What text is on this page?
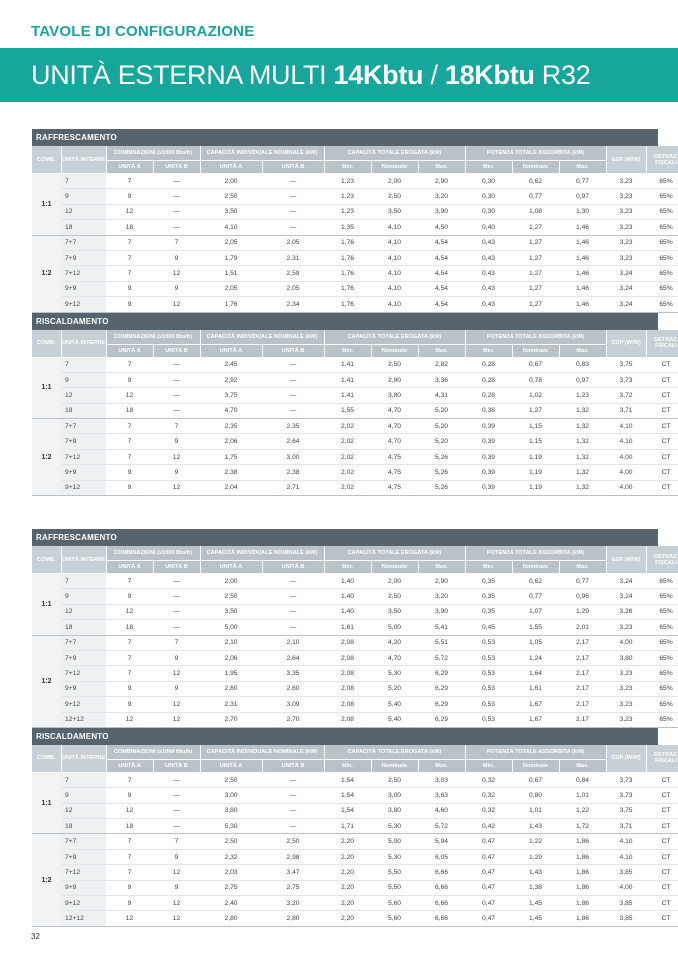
TAVOLE DI CONFIGURAZIONE
UNITÀ ESTERNA MULTI 14Kbtu / 18Kbtu R32
RAFFRESCAMENTO
COMB.	UNITÀ INTERNE	COMBINAZIONI (x1000 Btu/h)		CAPACITÀ INDIVIDUALE NOMINALE (kW)		CAPACITÀ TOTALE EROGATA (kW)			POTENZA TOTALE ASSORBITA (kW)			EER (W/W)	DETRAZ. FISCALI
		UNITÀ A	UNITÀ B	UNITÀ A	UNITÀ B	Min.	Nominale	Max.	Min.	Nominale	Max.		
1:1	7	7	—	2,00	—	1,23	2,00	2,90	0,30	0,62	0,77	3,23	65%
	9	9	—	2,50	—	1,23	2,50	3,20	0,30	0,77	0,97	3,23	65%
	12	12	—	3,50	—	1,23	3,50	3,90	0,30	1,08	1,30	3,23	65%
	18	18	—	4,10	—	1,35	4,10	4,50	0,40	1,27	1,46	3,23	65%
1:2	7+7	7	7	2,05	2,05	1,76	4,10	4,54	0,43	1,27	1,46	3,23	65%
	7+9	7	9	1,79	2,31	1,76	4,10	4,54	0,43	1,27	1,46	3,23	65%
	7+12	7	12	1,51	2,59	1,76	4,10	4,54	0,43	1,27	1,46	3,24	65%
	9+9	9	9	2,05	2,05	1,76	4,10	4,54	0,43	1,27	1,46	3,24	65%
	9+12	9	12	1,76	2,34	1,76	4,10	4,54	0,43	1,27	1,46	3,24	65%
RISCALDAMENTO
COMB.	UNITÀ INTERNE	COMBINAZIONI (x1000 Btu/h)		CAPACITÀ INDIVIDUALE NOMINALE (kW)		CAPACITÀ TOTALE EROGATA (kW)			POTENZA TOTALE ASSORBITA (kW)			COP (W/W)	DETRAZ. FISCALI
		UNITÀ A	UNITÀ B	UNITÀ A	UNITÀ B	Min.	Nominale	Max.	Min.	Nominale	Max.		
1:1	7	7	—	2,45	—	1,41	2,50	2,82	0,28	0,67	0,83	3,75	CT
	9	9	—	2,92	—	1,41	2,90	3,36	0,28	0,78	0,97	3,73	CT
	12	12	—	3,75	—	1,41	3,80	4,31	0,28	1,02	1,23	3,72	CT
	18	18	—	4,70	—	1,55	4,70	5,20	0,38	1,27	1,32	3,71	CT
1:2	7+7	7	7	2,35	2,35	2,02	4,70	5,20	0,39	1,15	1,32	4,10	CT
	7+9	7	9	2,06	2,64	2,02	4,70	5,20	0,39	1,15	1,32	4,10	CT
	7+12	7	12	1,75	3,00	2,02	4,75	5,26	0,39	1,19	1,32	4,00	CT
	9+9	9	9	2,38	2,38	2,02	4,75	5,26	0,39	1,19	1,32	4,00	CT
	9+12	9	12	2,04	2,71	2,02	4,75	5,26	0,39	1,19	1,32	4,00	CT
RAFFRESCAMENTO
COMB.	UNITÀ INTERNE	COMBINAZIONI (x1000 Btu/h)		CAPACITÀ INDIVIDUALE NOMINALE (kW)		CAPACITÀ TOTALE EROGATA (kW)			POTENZA TOTALE ASSORBITA (kW)			EER (W/W)	DETRAZ. FISCALI
		UNITÀ A	UNITÀ B	UNITÀ A	UNITÀ B	Min.	Nominale	Max.	Min.	Nominale	Max.		
1:1	7	7	—	2,00	—	1,40	2,00	2,90	0,35	0,62	0,77	3,24	65%
	9	9	—	2,50	—	1,40	2,50	3,20	0,35	0,77	0,96	3,24	65%
	12	12	—	3,50	—	1,40	3,50	3,90	0,35	1,07	1,29	3,26	65%
	18	18	—	5,00	—	1,61	5,00	5,41	0,45	1,55	2,01	3,23	65%
1:2	7+7	7	7	2,10	2,10	2,08	4,20	5,51	0,53	1,05	2,17	4,00	65%
	7+9	7	9	2,06	2,64	2,08	4,70	5,72	0,53	1,24	2,17	3,80	65%
	7+12	7	12	1,95	3,35	2,08	5,30	6,29	0,53	1,64	2,17	3,23	65%
	9+9	9	9	2,60	2,60	2,08	5,20	6,29	0,53	1,61	2,17	3,23	65%
	9+12	9	12	2,31	3,09	2,08	5,40	6,29	0,53	1,67	2,17	3,23	65%
	12+12	12	12	2,70	2,70	2,08	5,40	6,29	0,53	1,67	2,17	3,23	65%
RISCALDAMENTO
COMB.	UNITÀ INTERNE	COMBINAZIONI (x1000 Btu/h)		CAPACITÀ INDIVIDUALE NOMINALE (kW)		CAPACITÀ TOTALE EROGATA (kW)			POTENZA TOTALE ASSORBITA (kW)			COP (W/W)	DETRAZ. FISCALI
		UNITÀ A	UNITÀ B	UNITÀ A	UNITÀ B	Min.	Nominale	Max.	Min.	Nominale	Max.		
1:1	7	7	—	2,50	—	1,54	2,50	3,03	0,32	0,67	0,84	3,73	CT
	9	9	—	3,00	—	1,54	3,00	3,63	0,32	0,80	1,01	3,73	CT
	12	12	—	3,80	—	1,54	3,80	4,60	0,32	1,01	1,22	3,75	CT
	18	18	—	5,30	—	1,71	5,30	5,72	0,42	1,43	1,72	3,71	CT
1:2	7+7	7	7	2,50	2,50	2,20	5,00	5,94	0,47	1,22	1,86	4,10	CT
	7+9	7	9	2,32	2,98	2,20	5,30	6,05	0,47	1,29	1,86	4,10	CT
	7+12	7	12	2,03	3,47	2,20	5,50	6,66	0,47	1,43	1,86	3,85	CT
	9+9	9	9	2,75	2,75	2,20	5,50	6,66	0,47	1,38	1,86	4,00	CT
	9+12	9	12	2,40	3,20	2,20	5,60	6,66	0,47	1,45	1,86	3,85	CT
	12+12	12	12	2,80	2,80	2,20	5,60	6,66	0,47	1,45	1,86	3,85	CT
32
